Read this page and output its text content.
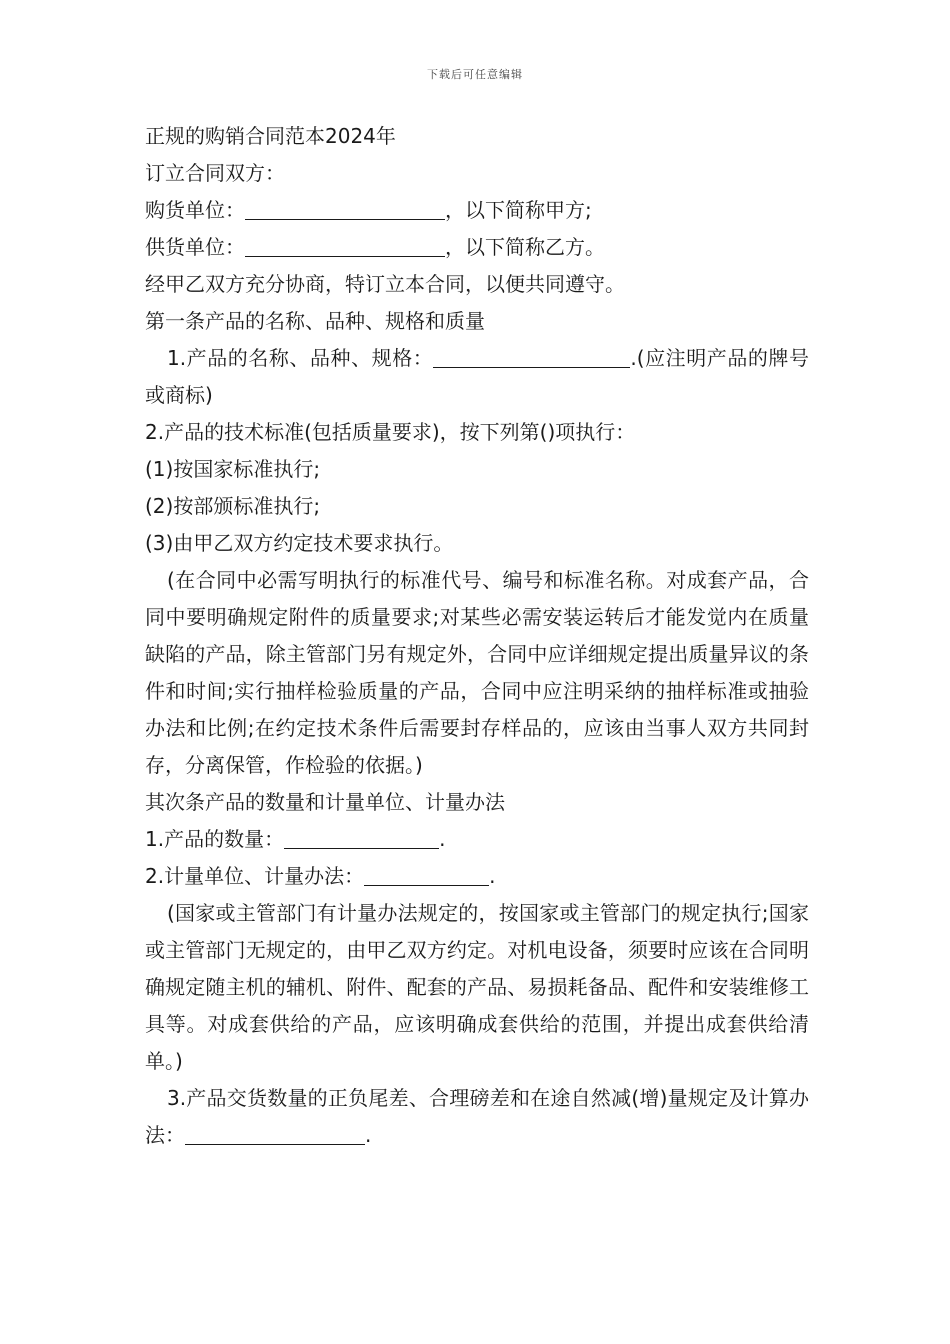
下载后可任意编辑

正规的购销合同范本2024年

订立合同双方：

购货单位：	，以下简称甲方;

供货单位：	，以下简称乙方。

经甲乙双方充分协商，特订立本合同，以便共同遵守。

第一条产品的名称、品种、规格和质量

1.产品的名称、品种、规格：	.(应注明产品的牌号或商标)

2.产品的技术标准(包括质量要求)，按下列第()项执行：

(1)按国家标准执行;

(2)按部颁标准执行;

(3)由甲乙双方约定技术要求执行。

(在合同中必需写明执行的标准代号、编号和标准名称。对成套产品，合同中要明确规定附件的质量要求;对某些必需安装运转后才能发觉内在质量缺陷的产品，除主管部门另有规定外，合同中应详细规定提出质量异议的条件和时间;实行抽样检验质量的产品，合同中应注明采纳的抽样标准或抽验办法和比例;在约定技术条件后需要封存样品的，应该由当事人双方共同封存，分离保管，作检验的依据。)

其次条产品的数量和计量单位、计量办法

1.产品的数量：	.

2.计量单位、计量办法：	.

(国家或主管部门有计量办法规定的，按国家或主管部门的规定执行;国家或主管部门无规定的，由甲乙双方约定。对机电设备，须要时应该在合同明确规定随主机的辅机、附件、配套的产品、易损耗备品、配件和安装维修工具等。对成套供给的产品，应该明确成套供给的范围，并提出成套供给清单。)

3.产品交货数量的正负尾差、合理磅差和在途自然减(增)量规定及计算办法：	.
